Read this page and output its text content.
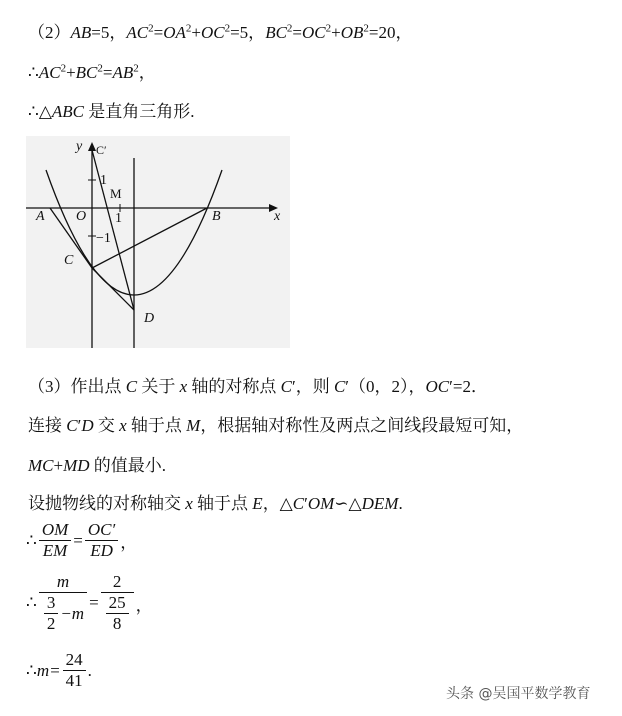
（2）AB=5，$AC^2=OA^2+OC^2=5$，$BC^2=OC^2+OB^2=20$，
$\therefore AC^2+BC^2=AB^2$，
∴△ABC 是直角三角形.
y C′
1
M
A O 1	B	x
−1
C
D
（3）作出点 C 关于 x 轴的对称点 C′，则 C′（0，2），OC′=2．
连接 C′D 交 x 轴于点 M，根据轴对称性及两点之间线段最短可知，
MC+MD 的值最小.
设抛物线的对称轴交 x 轴于点 E，△C′OM∽△DEM.
∴ $\frac{OM}{EM} = \frac{OC'}{ED}$ ，
∴ $\frac{m}{\frac{3}{2} -m} = \frac{2}{\frac{25}{8}}$ ，
∴ $m= \frac{24}{41}$ .
头条 @吴国平数学教育
